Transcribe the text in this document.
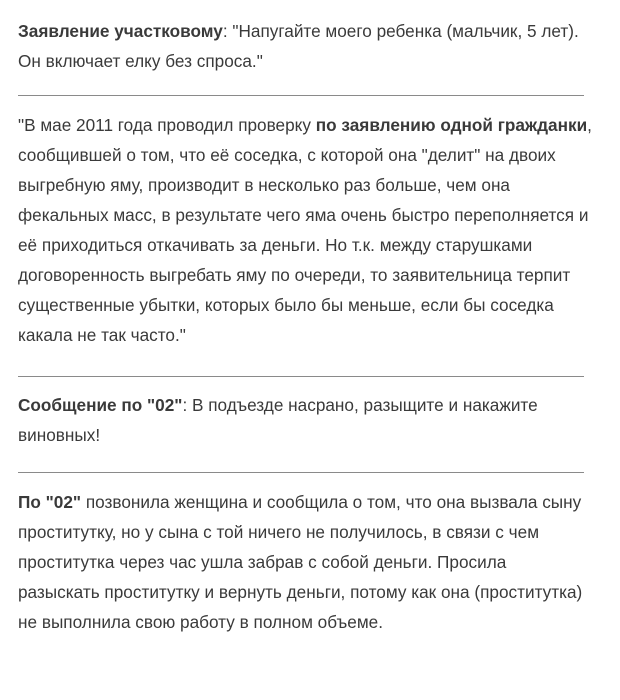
Заявление участковому: "Напугайте моего ребенка (мальчик, 5 лет). Он включает елку без спроса."

"В мае 2011 года проводил проверку по заявлению одной гражданки, сообщившей о том, что её соседка, с которой она "делит" на двоих выгребную яму, производит в несколько раз больше, чем она фекальных масс, в результате чего яма очень быстро переполняется и её приходиться откачивать за деньги. Но т.к. между старушками договоренность выгребать яму по очереди, то заявительница терпит существенные убытки, которых было бы меньше, если бы соседка какала не так часто."

Сообщение по "02": В подъезде насрано, разыщите и накажите виновных!

По "02" позвонила женщина и сообщила о том, что она вызвала сыну проститутку, но у сына с той ничего не получилось, в связи с чем проститутка через час ушла забрав с собой деньги. Просила разыскать проститутку и вернуть деньги, потому как она (проститутка) не выполнила свою работу в полном объеме.
